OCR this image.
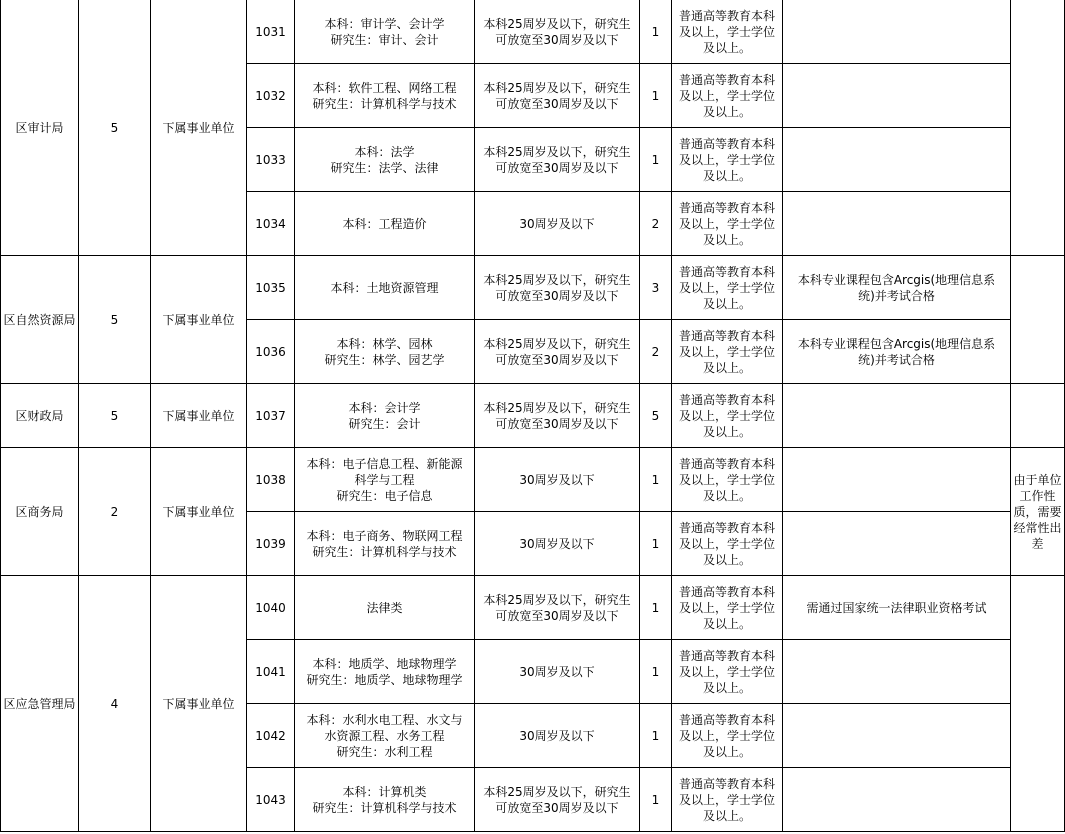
区审计局	5	下属事业单位	1031	本科：审计学、会计学
研究生：审计、会计	本科25周岁及以下，研究生
可放宽至30周岁及以下	1	普通高等教育本科
及以上，学士学位
及以上。		

			1032	本科：软件工程、网络工程
研究生：计算机科学与技术	本科25周岁及以下，研究生
可放宽至30周岁及以下	1	普通高等教育本科
及以上，学士学位
及以上。		

			1033	本科：法学
研究生：法学、法律	本科25周岁及以下，研究生
可放宽至30周岁及以下	1	普通高等教育本科
及以上，学士学位
及以上。		

			1034	本科：工程造价	30周岁及以下	2	普通高等教育本科
及以上，学士学位
及以上。		

区自然资源局	5	下属事业单位	1035	本科：土地资源管理	本科25周岁及以下，研究生
可放宽至30周岁及以下	3	普通高等教育本科
及以上，学士学位
及以上。	本科专业课程包含Arcgis(地理信息系
统)并考试合格	

			1036	本科：林学、园林
研究生：林学、园艺学	本科25周岁及以下，研究生
可放宽至30周岁及以下	2	普通高等教育本科
及以上，学士学位
及以上。	本科专业课程包含Arcgis(地理信息系
统)并考试合格	

区财政局	5	下属事业单位	1037	本科：会计学
研究生：会计	本科25周岁及以下，研究生
可放宽至30周岁及以下	5	普通高等教育本科
及以上，学士学位
及以上。		

区商务局	2	下属事业单位	1038	本科：电子信息工程、新能源
科学与工程
研究生：电子信息	30周岁及以下	1	普通高等教育本科
及以上，学士学位
及以上。		由于单位工作性质，需要经常性出差
			1039	本科：电子商务、物联网工程
研究生：计算机科学与技术	30周岁及以下	1	普通高等教育本科
及以上，学士学位
及以上。		

区应急管理局	4	下属事业单位	1040	法律类	本科25周岁及以下，研究生
可放宽至30周岁及以下	1	普通高等教育本科
及以上，学士学位
及以上。	需通过国家统一法律职业资格考试	

			1041	本科：地质学、地球物理学
研究生：地质学、地球物理学	30周岁及以下	1	普通高等教育本科
及以上，学士学位
及以上。		

			1042	本科：水利水电工程、水文与
水资源工程、水务工程
研究生：水利工程	30周岁及以下	1	普通高等教育本科
及以上，学士学位
及以上。		

			1043	本科：计算机类
研究生：计算机科学与技术	本科25周岁及以下，研究生
可放宽至30周岁及以下	1	普通高等教育本科
及以上，学士学位
及以上。		
